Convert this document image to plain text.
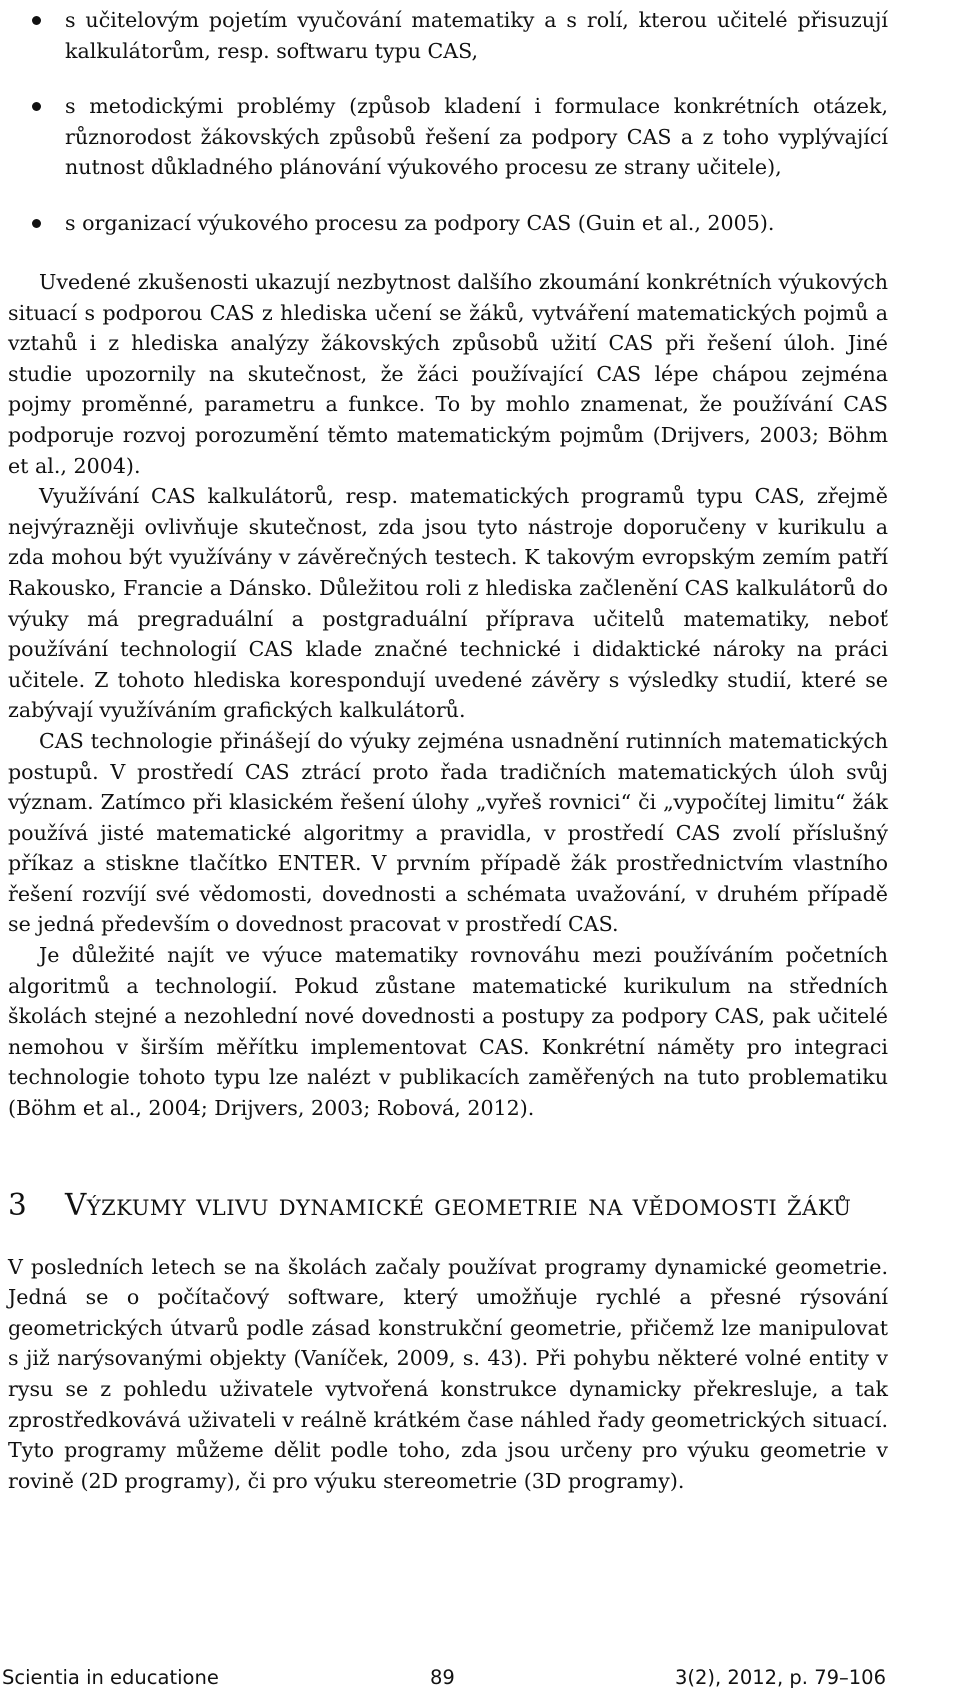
s učitelovým pojetím vyučování matematiky a s rolí, kterou učitelé přisuzují kalkulátorům, resp. softwaru typu CAS,
s metodickými problémy (způsob kladení i formulace konkrétních otázek, různorodost žákovských způsobů řešení za podpory CAS a z toho vyplývající nutnost důkladného plánování výukového procesu ze strany učitele),
s organizací výukového procesu za podpory CAS (Guin et al., 2005).

Uvedené zkušenosti ukazují nezbytnost dalšího zkoumání konkrétních výukových situací s podporou CAS z hlediska učení se žáků, vytváření matematických pojmů a vztahů i z hlediska analýzy žákovských způsobů užití CAS při řešení úloh. Jiné studie upozornily na skutečnost, že žáci používající CAS lépe chápou zejména pojmy proměnné, parametru a funkce. To by mohlo znamenat, že používání CAS podporuje rozvoj porozumění těmto matematickým pojmům (Drijvers, 2003; Böhm et al., 2004).

Využívání CAS kalkulátorů, resp. matematických programů typu CAS, zřejmě nejvýrazněji ovlivňuje skutečnost, zda jsou tyto nástroje doporučeny v kurikulu a zda mohou být využívány v závěrečných testech. K takovým evropským zemím patří Rakousko, Francie a Dánsko. Důležitou roli z hlediska začlenění CAS kalkulátorů do výuky má pregraduální a postgraduální příprava učitelů matematiky, neboť používání technologií CAS klade značné technické i didaktické nároky na práci učitele. Z tohoto hlediska korespondují uvedené závěry s výsledky studií, které se zabývají využíváním grafických kalkulátorů.

CAS technologie přinášejí do výuky zejména usnadnění rutinních matematických postupů. V prostředí CAS ztrácí proto řada tradičních matematických úloh svůj význam. Zatímco při klasickém řešení úlohy „vyřeš rovnici“ či „vypočítej limitu“ žák používá jisté matematické algoritmy a pravidla, v prostředí CAS zvolí příslušný příkaz a stiskne tlačítko ENTER. V prvním případě žák prostřednictvím vlastního řešení rozvíjí své vědomosti, dovednosti a schémata uvažování, v druhém případě se jedná především o dovednost pracovat v prostředí CAS.

Je důležité najít ve výuce matematiky rovnováhu mezi používáním početních algoritmů a technologií. Pokud zůstane matematické kurikulum na středních školách stejné a nezohlední nové dovednosti a postupy za podpory CAS, pak učitelé nemohou v širším měřítku implementovat CAS. Konkrétní náměty pro integraci technologie tohoto typu lze nalézt v publikacích zaměřených na tuto problematiku (Böhm et al., 2004; Drijvers, 2003; Robová, 2012).

3	Výzkumy vlivu dynamické geometrie na vědomosti žáků

V posledních letech se na školách začaly používat programy dynamické geometrie. Jedná se o počítačový software, který umožňuje rychlé a přesné rýsování geometrických útvarů podle zásad konstrukční geometrie, přičemž lze manipulovat s již narýsovanými objekty (Vaníček, 2009, s. 43). Při pohybu některé volné entity v rysu se z pohledu uživatele vytvořená konstrukce dynamicky překresluje, a tak zprostředkovává uživateli v reálně krátkém čase náhled řady geometrických situací. Tyto programy můžeme dělit podle toho, zda jsou určeny pro výuku geometrie v rovině (2D programy), či pro výuku stereometrie (3D programy).

Scientia in educatione	89	3(2), 2012, p. 79–106
